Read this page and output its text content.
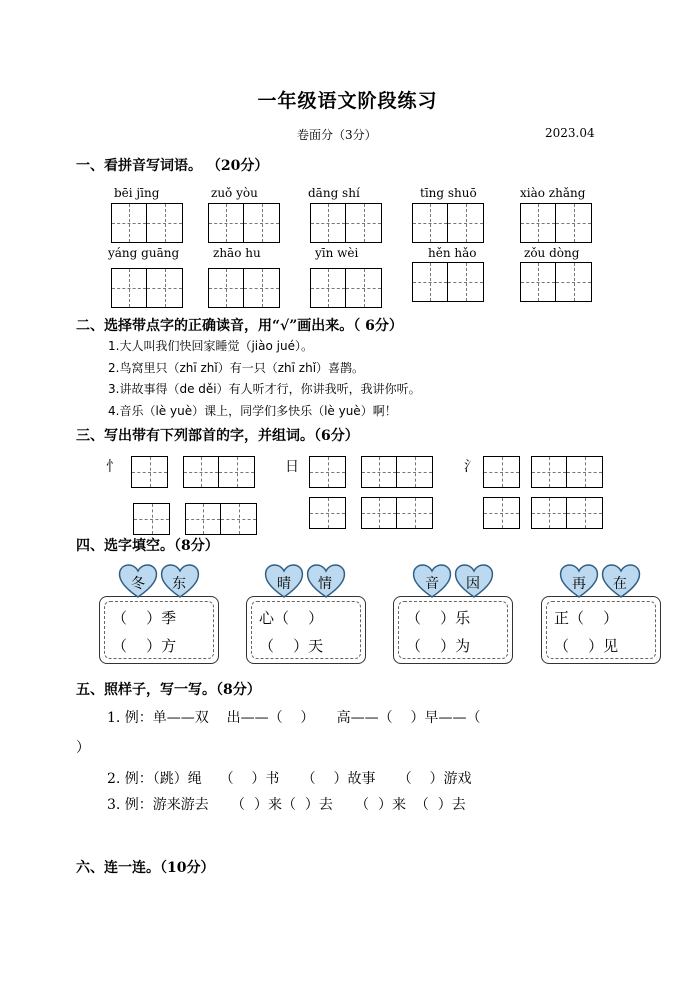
一年级语文阶段练习
卷面分（3分）	2023.04
一、看拼音写词语。 （20分）
bēi jīng	zuǒ yòu	dāng shí	tīng shuō	xiào zhǎng
yáng guāng	zhāo hu	yīn wèi	hěn hǎo	zǒu dòng
二、选择带点字的正确读音，用“√”画出来。（ 6分）
1.大人叫我们快回家睡觉（jiào jué）。
2.鸟窝里只（zhī zhǐ）有一只（zhī zhǐ）喜鹊。
3.讲故事得（de děi）有人听才行，你讲我听，我讲你听。
4.音乐（lè yuè）课上，同学们多快乐（lè yuè）啊！
三、写出带有下列部首的字，并组词。（6分）
忄	日	氵
四、选字填空。（8分）
（    ）季
（    ）方
冬 东
心（    ）
（    ）天
晴 情
（    ）乐
（    ）为
音 因
正（    ）
（    ）见
再 在
五、照样子，写一写。（8分）
1. 例：单——双    出——（    ）     高——（    ）早——（
）
2. 例：（跳）绳    （    ）书     （    ）故事     （    ）游戏
3. 例：游来游去     （  ）来（  ）去     （  ）来  （  ）去
六、连一连。（10分）
